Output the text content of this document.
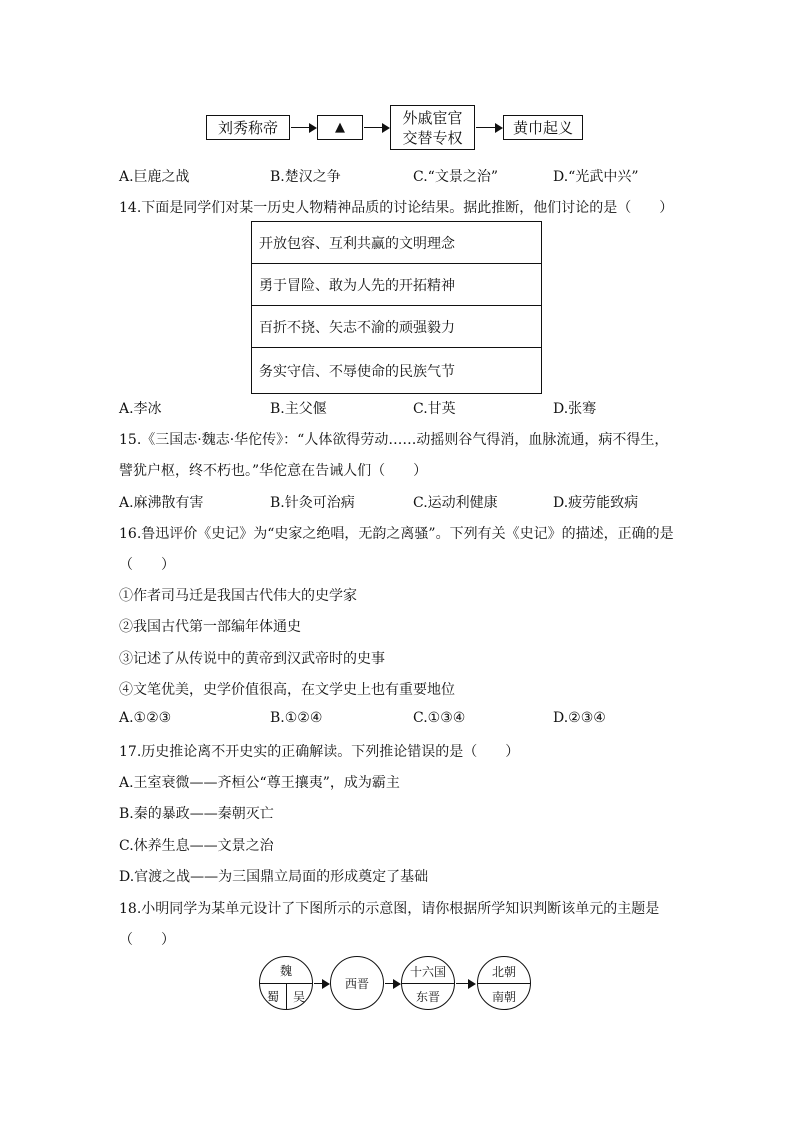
刘秀称帝	▲
外戚宦官
交替专权
黄巾起义
A.巨鹿之战	B.楚汉之争	C.“文景之治”	D.“光武中兴”
14.下面是同学们对某一历史人物精神品质的讨论结果。据此推断，他们讨论的是（　　）
开放包容、互利共赢的文明理念
勇于冒险、敢为人先的开拓精神
百折不挠、矢志不渝的顽强毅力
务实守信、不辱使命的民族气节
A.李冰	B.主父偃	C.甘英	D.张骞
15.《三国志·魏志·华佗传》：“人体欲得劳动……动摇则谷气得消，血脉流通，病不得生，
譬犹户枢，终不朽也。”华佗意在告诫人们（　　）
A.麻沸散有害	B.针灸可治病	C.运动利健康	D.疲劳能致病
16.鲁迅评价《史记》为“史家之绝唱，无韵之离骚”。下列有关《史记》的描述，正确的是
（　　）
①作者司马迁是我国古代伟大的史学家
②我国古代第一部编年体通史
③记述了从传说中的黄帝到汉武帝时的史事
④文笔优美，史学价值很高，在文学史上也有重要地位
A.①②③	B.①②④	C.①③④	D.②③④
17.历史推论离不开史实的正确解读。下列推论错误的是（　　）
A.王室衰微——齐桓公“尊王攘夷”，成为霸主
B.秦的暴政——秦朝灭亡
C.休养生息——文景之治
D.官渡之战——为三国鼎立局面的形成奠定了基础
18.小明同学为某单元设计了下图所示的示意图，请你根据所学知识判断该单元的主题是
（　　）
魏
蜀	吴
西晋
十六国
东晋
北朝
南朝
